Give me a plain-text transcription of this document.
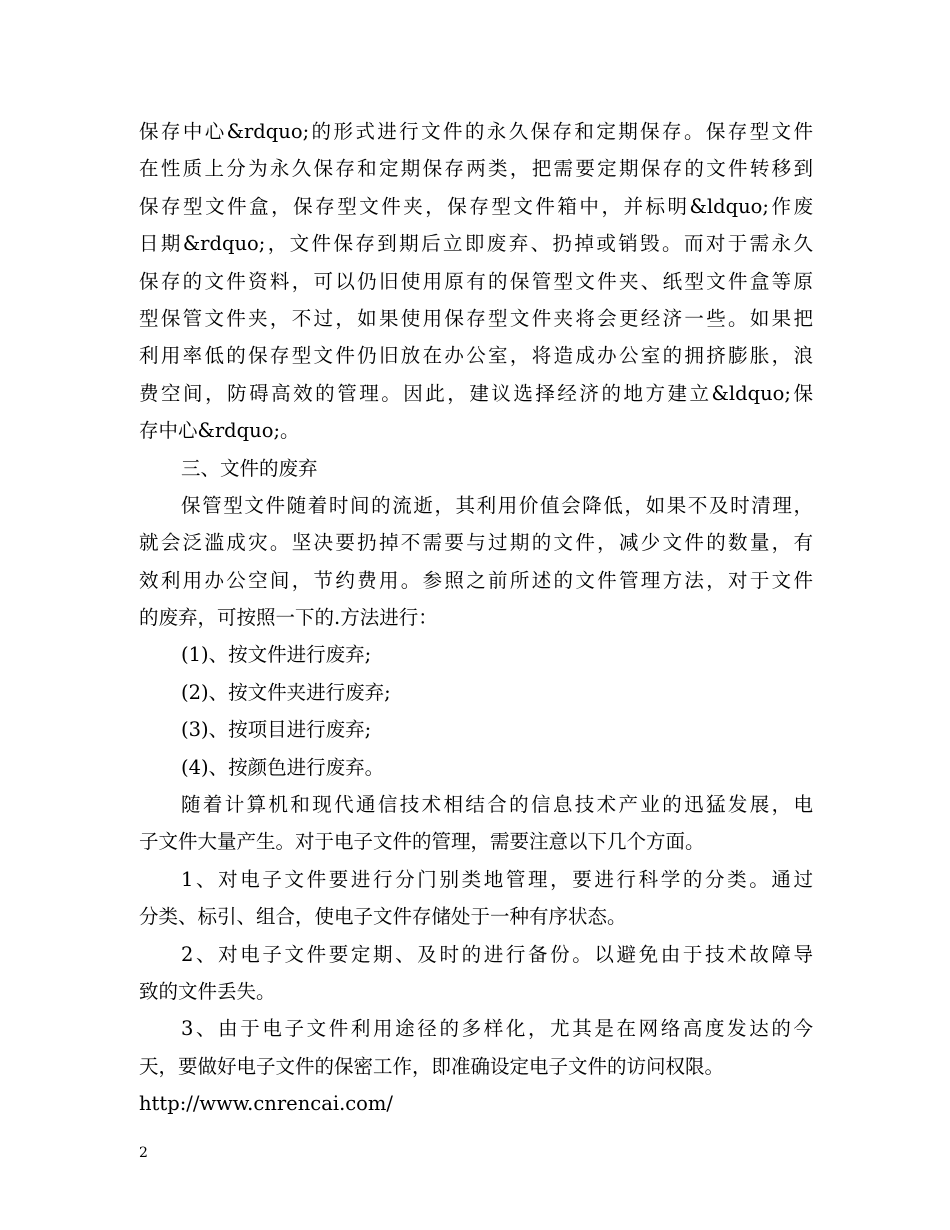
保存中心&rdquo;的形式进行文件的永久保存和定期保存。保存型文件
在性质上分为永久保存和定期保存两类，把需要定期保存的文件转移到
保存型文件盒，保存型文件夹，保存型文件箱中，并标明&ldquo;作废
日期&rdquo;，文件保存到期后立即废弃、扔掉或销毁。而对于需永久
保存的文件资料，可以仍旧使用原有的保管型文件夹、纸型文件盒等原
型保管文件夹，不过，如果使用保存型文件夹将会更经济一些。如果把
利用率低的保存型文件仍旧放在办公室，将造成办公室的拥挤膨胀，浪
费空间，防碍高效的管理。因此，建议选择经济的地方建立&ldquo;保
存中心&rdquo;。
三、文件的废弃
保管型文件随着时间的流逝，其利用价值会降低，如果不及时清理，
就会泛滥成灾。坚决要扔掉不需要与过期的文件，减少文件的数量，有
效利用办公空间，节约费用。参照之前所述的文件管理方法，对于文件
的废弃，可按照一下的.方法进行：
(1)、按文件进行废弃;
(2)、按文件夹进行废弃;
(3)、按项目进行废弃;
(4)、按颜色进行废弃。
随着计算机和现代通信技术相结合的信息技术产业的迅猛发展，电
子文件大量产生。对于电子文件的管理，需要注意以下几个方面。
1、对电子文件要进行分门别类地管理，要进行科学的分类。通过
分类、标引、组合，使电子文件存储处于一种有序状态。
2、对电子文件要定期、及时的进行备份。以避免由于技术故障导
致的文件丢失。
3、由于电子文件利用途径的多样化，尤其是在网络高度发达的今
天，要做好电子文件的保密工作，即准确设定电子文件的访问权限。
http://www.cnrencai.com/
2
